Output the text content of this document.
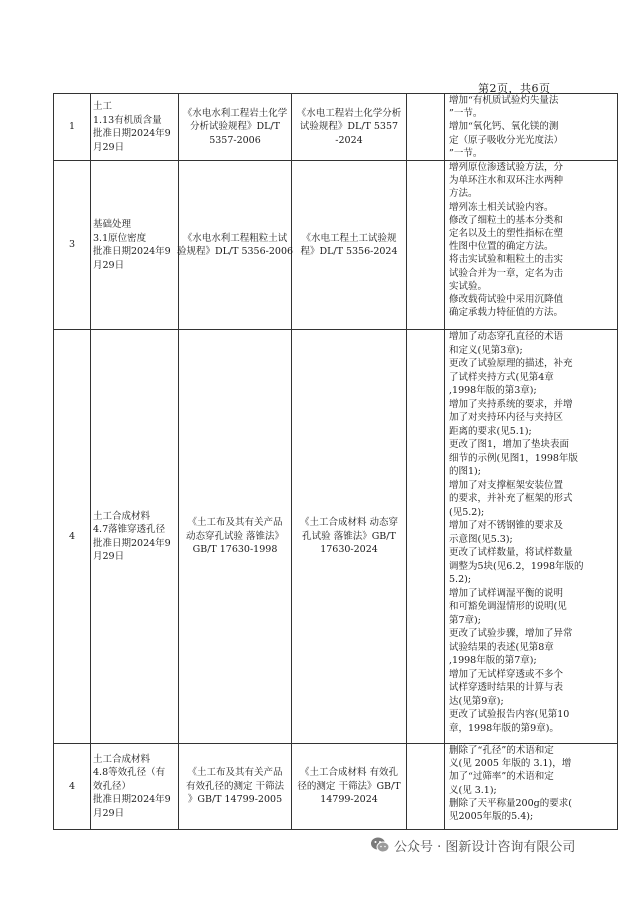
第2页，共6页
1
土工
1.13有机质含量
批准日期2024年9
月29日
《水电水利工程岩土化学
分析试验规程》DL/T
5357-2006
《水电工程岩土化学分析
试验规程》DL/T 5357
-2024
增加“有机质试验灼失量法
”一节。
增加“氧化钙、氧化镁的测
定（原子吸收分光光度法）
”一节。
3
基础处理
3.1原位密度
批准日期2024年9
月29日
《水电水利工程粗粒土试
验规程》DL/T 5356-2006
《水电工程土工试验规
程》DL/T 5356-2024
增列原位渗透试验方法，分
为单环注水和双环注水两种
方法。
增列冻土相关试验内容。
修改了细粒土的基本分类和
定名以及土的塑性指标在塑
性图中位置的确定方法。
将击实试验和粗粒土的击实
试验合并为一章，定名为击
实试验。
修改载荷试验中采用沉降值
确定承载力特征值的方法。
4
土工合成材料
4.7落锥穿透孔径
批准日期2024年9
月29日
《土工布及其有关产品
动态穿孔试验 落锥法》
GB/T 17630-1998
《土工合成材料 动态穿
孔试验 落锥法》GB/T
17630-2024
增加了动态穿孔直径的术语
和定义(见第3章);
更改了试验原理的描述，补充
了试样夹持方式(见第4章
,1998年版的第3章);
增加了夹持系统的要求，并增
加了对夹持环内径与夹持区
距离的要求(见5.1);
更改了图1，增加了垫块表面
细节的示例(见图1，1998年版
的图1);
增加了对支撑框架安装位置
的要求，并补充了框架的形式
(见5.2);
增加了对不锈钢锥的要求及
示意图(见5.3);
更改了试样数量，将试样数量
调整为5块(见6.2，1998年版的
5.2);
增加了试样调湿平衡的说明
和可豁免调湿情形的说明(见
第7章);
更改了试验步骤，增加了异常
试验结果的表述(见第8章
,1998年版的第7章);
增加了无试样穿透或不多个
试样穿透时结果的计算与表
达(见第9章);
更改了试验报告内容(见第10
章，1998年版的第9章)。
4
土工合成材料
4.8等效孔径（有
效孔径）
批准日期2024年9
月29日
《土工布及其有关产品
有效孔径的测定 干筛法
》GB/T 14799-2005
《土工合成材料 有效孔
径的测定 干筛法》GB/T
14799-2024
删除了“孔径”的术语和定
义(见 2005 年版的 3.1)，增
加了“过筛率”的术语和定
义(见 3.1);
删除了天平称量200g的要求(
见2005年版的5.4);
公众号 · 图新设计咨询有限公司
